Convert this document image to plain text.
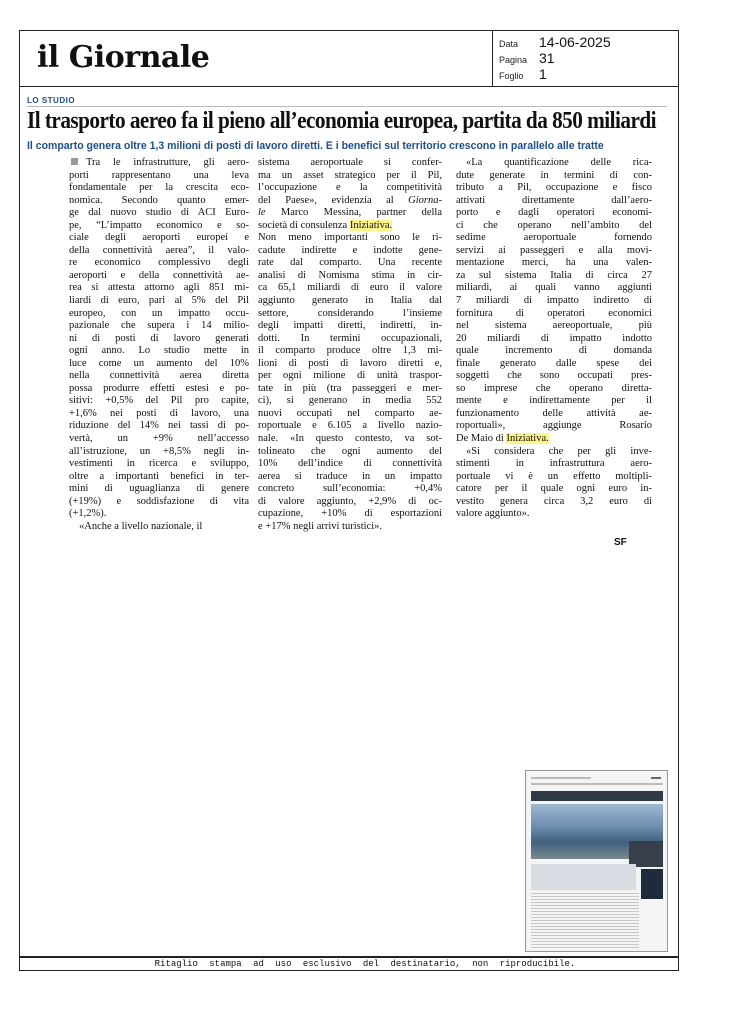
il Giornale	Data	14-06-2025
Pagina 31
Foglio	1
LO STUDIO
Il trasporto aereo fa il pieno all’economia europea, partita da 850 miliardi
Il comparto genera oltre 1,3 milioni di posti di lavoro diretti. E i benefici sul territorio crescono in parallelo alle tratte

Tra le infrastrutture, gli aero-

porti rappresentano una leva

fondamentale per la crescita eco-

nomica. Secondo quanto emer-

ge dal nuovo studio di ACI Euro-

pe, “L’impatto economico e so-

ciale degli aeroporti europei e

della connettività aerea”, il valo-

re economico complessivo degli

aeroporti e della connettività ae-

rea si attesta attorno agli 851 mi-

liardi di euro, pari al 5% del Pil

europeo, con un impatto occu-

pazionale che supera i 14 milio-

ni di posti di lavoro generati

ogni anno. Lo studio mette in

luce come un aumento del 10%

nella connettività aerea diretta

possa produrre effetti estesi e po-

sitivi: +0,5% del Pil pro capite,

+1,6% nei posti di lavoro, una

riduzione del 14% nei tassi di po-

vertà, un +9% nell’accesso

all’istruzione, un +8,5% negli in-

vestimenti in ricerca e sviluppo,

oltre a importanti benefici in ter-

mini di uguaglianza di genere

(+19%) e soddisfazione di vita

(+1,2%).

«Anche a livello nazionale, il

sistema aeroportuale si confer-

ma un asset strategico per il Pil,

l’occupazione e la competitività

del Paese», evidenzia al Giorna-

le Marco Messina, partner della

società di consulenza Iniziativa.

Non meno importanti sono le ri-

cadute indirette e indotte gene-

rate dal comparto. Una recente

analisi di Nomisma stima in cir-

ca 65,1 miliardi di euro il valore

aggiunto generato in Italia dal

settore, considerando l’insieme

degli impatti diretti, indiretti, in-

dotti. In termini occupazionali,

il comparto produce oltre 1,3 mi-

lioni di posti di lavoro diretti e,

per ogni milione di unità traspor-

tate in più (tra passeggeri e mer-

ci), si generano in media 552

nuovi occupati nel comparto ae-

roportuale e 6.105 a livello nazio-

nale. «In questo contesto, va sot-

tolineato che ogni aumento del

10% dell’indice di connettività

aerea si traduce in un impatto

concreto sull’economia: +0,4%

di valore aggiunto, +2,9% di oc-

cupazione, +10% di esportazioni

e +17% negli arrivi turistici».

«La quantificazione delle rica-

dute generate in termini di con-

tributo a Pil, occupazione e fisco

attivati direttamente dall’aero-

porto e dagli operatori economi-

ci che operano nell’ambito del

sedime aeroportuale fornendo

servizi ai passeggeri e alla movi-

mentazione merci, ha una valen-

za sul sistema Italia di circa 27

miliardi, ai quali vanno aggiunti

7 miliardi di impatto indiretto di

fornitura di operatori economici

nel sistema aereoportuale, più

20 miliardi di impatto indotto

quale incremento di domanda

finale generato dalle spese dei

soggetti che sono occupati pres-

so imprese che operano diretta-

mente e indirettamente per il

funzionamento delle attività ae-

roportuali», aggiunge Rosario

De Maio di Iniziativa.

«Si considera che per gli inve-

stimenti in infrastruttura aero-

portuale vi è un effetto moltipli-

catore per il quale ogni euro in-

vestito genera circa 3,2 euro di

valore aggiunto».

SF
Ritaglio stampa ad uso esclusivo del destinatario, non riproducibile.
